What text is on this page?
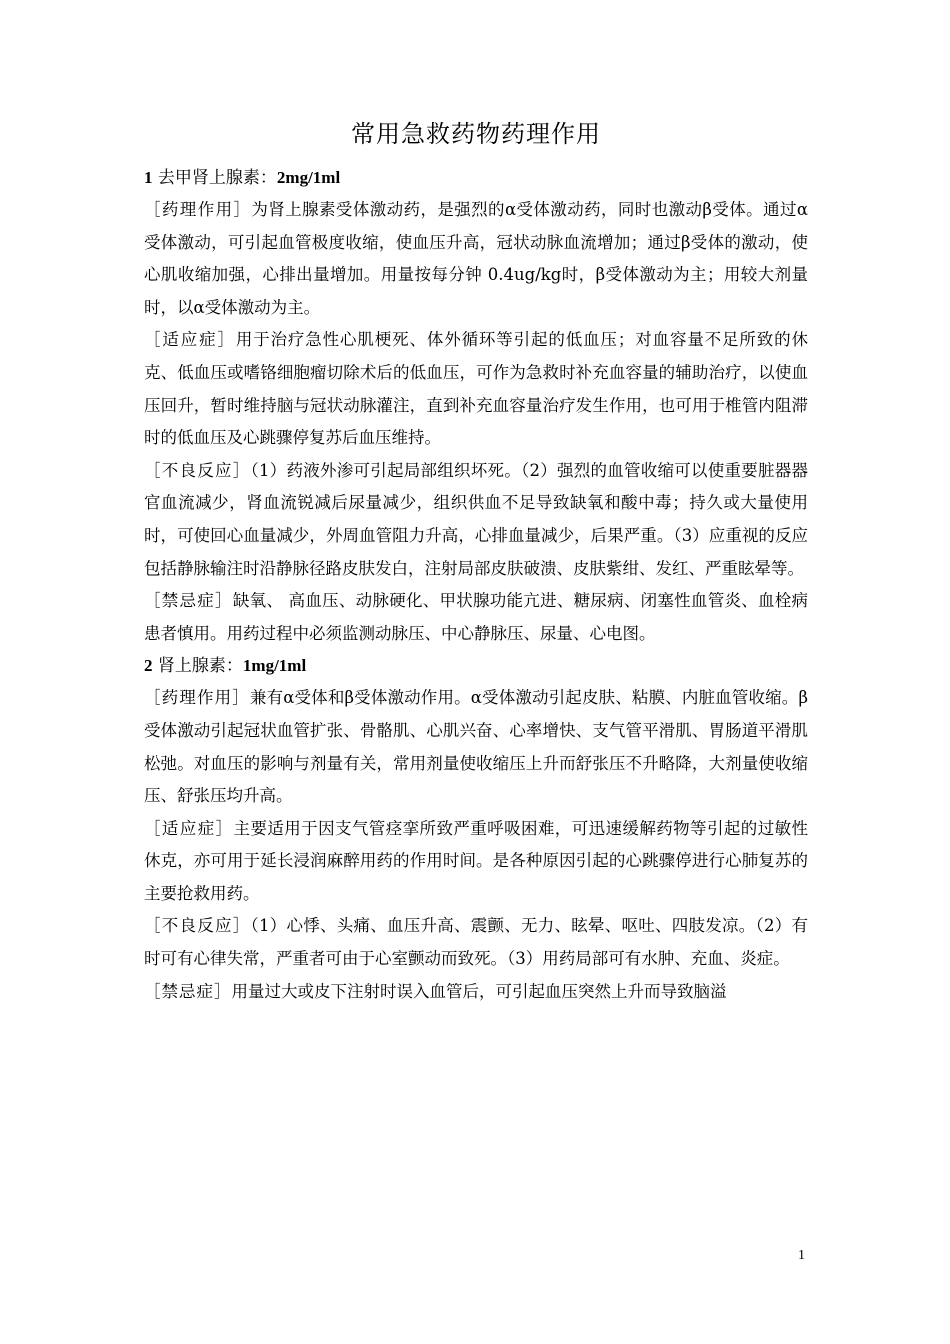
常用急救药物药理作用

1 去甲肾上腺素：2mg/1ml

［药理作用］为肾上腺素受体激动药，是强烈的α受体激动药，同时也激动β受体。通过α受体激动，可引起血管极度收缩，使血压升高，冠状动脉血流增加；通过β受体的激动，使心肌收缩加强，心排出量增加。用量按每分钟 0.4ug/kg时，β受体激动为主；用较大剂量时，以α受体激动为主。

［适应症］用于治疗急性心肌梗死、体外循环等引起的低血压；对血容量不足所致的休克、低血压或嗜铬细胞瘤切除术后的低血压，可作为急救时补充血容量的辅助治疗，以使血压回升，暂时维持脑与冠状动脉灌注，直到补充血容量治疗发生作用，也可用于椎管内阻滞时的低血压及心跳骤停复苏后血压维持。

［不良反应］（1）药液外渗可引起局部组织坏死。（2）强烈的血管收缩可以使重要脏器器官血流减少，肾血流锐减后尿量减少，组织供血不足导致缺氧和酸中毒；持久或大量使用时，可使回心血量减少，外周血管阻力升高，心排血量减少，后果严重。（3）应重视的反应包括静脉输注时沿静脉径路皮肤发白，注射局部皮肤破溃、皮肤紫绀、发红、严重眩晕等。

［禁忌症］缺氧、 高血压、动脉硬化、甲状腺功能亢进、糖尿病、闭塞性血管炎、血栓病患者慎用。用药过程中必须监测动脉压、中心静脉压、尿量、心电图。

2 肾上腺素：1mg/1ml

［药理作用］兼有α受体和β受体激动作用。α受体激动引起皮肤、粘膜、内脏血管收缩。β受体激动引起冠状血管扩张、骨骼肌、心肌兴奋、心率增快、支气管平滑肌、胃肠道平滑肌松弛。对血压的影响与剂量有关，常用剂量使收缩压上升而舒张压不升略降，大剂量使收缩压、舒张压均升高。

［适应症］主要适用于因支气管痉挛所致严重呼吸困难，可迅速缓解药物等引起的过敏性休克，亦可用于延长浸润麻醉用药的作用时间。是各种原因引起的心跳骤停进行心肺复苏的主要抢救用药。

［不良反应］（1）心悸、头痛、血压升高、震颤、无力、眩晕、呕吐、四肢发凉。（2）有时可有心律失常，严重者可由于心室颤动而致死。（3）用药局部可有水肿、充血、炎症。

［禁忌症］用量过大或皮下注射时误入血管后，可引起血压突然上升而导致脑溢

1
